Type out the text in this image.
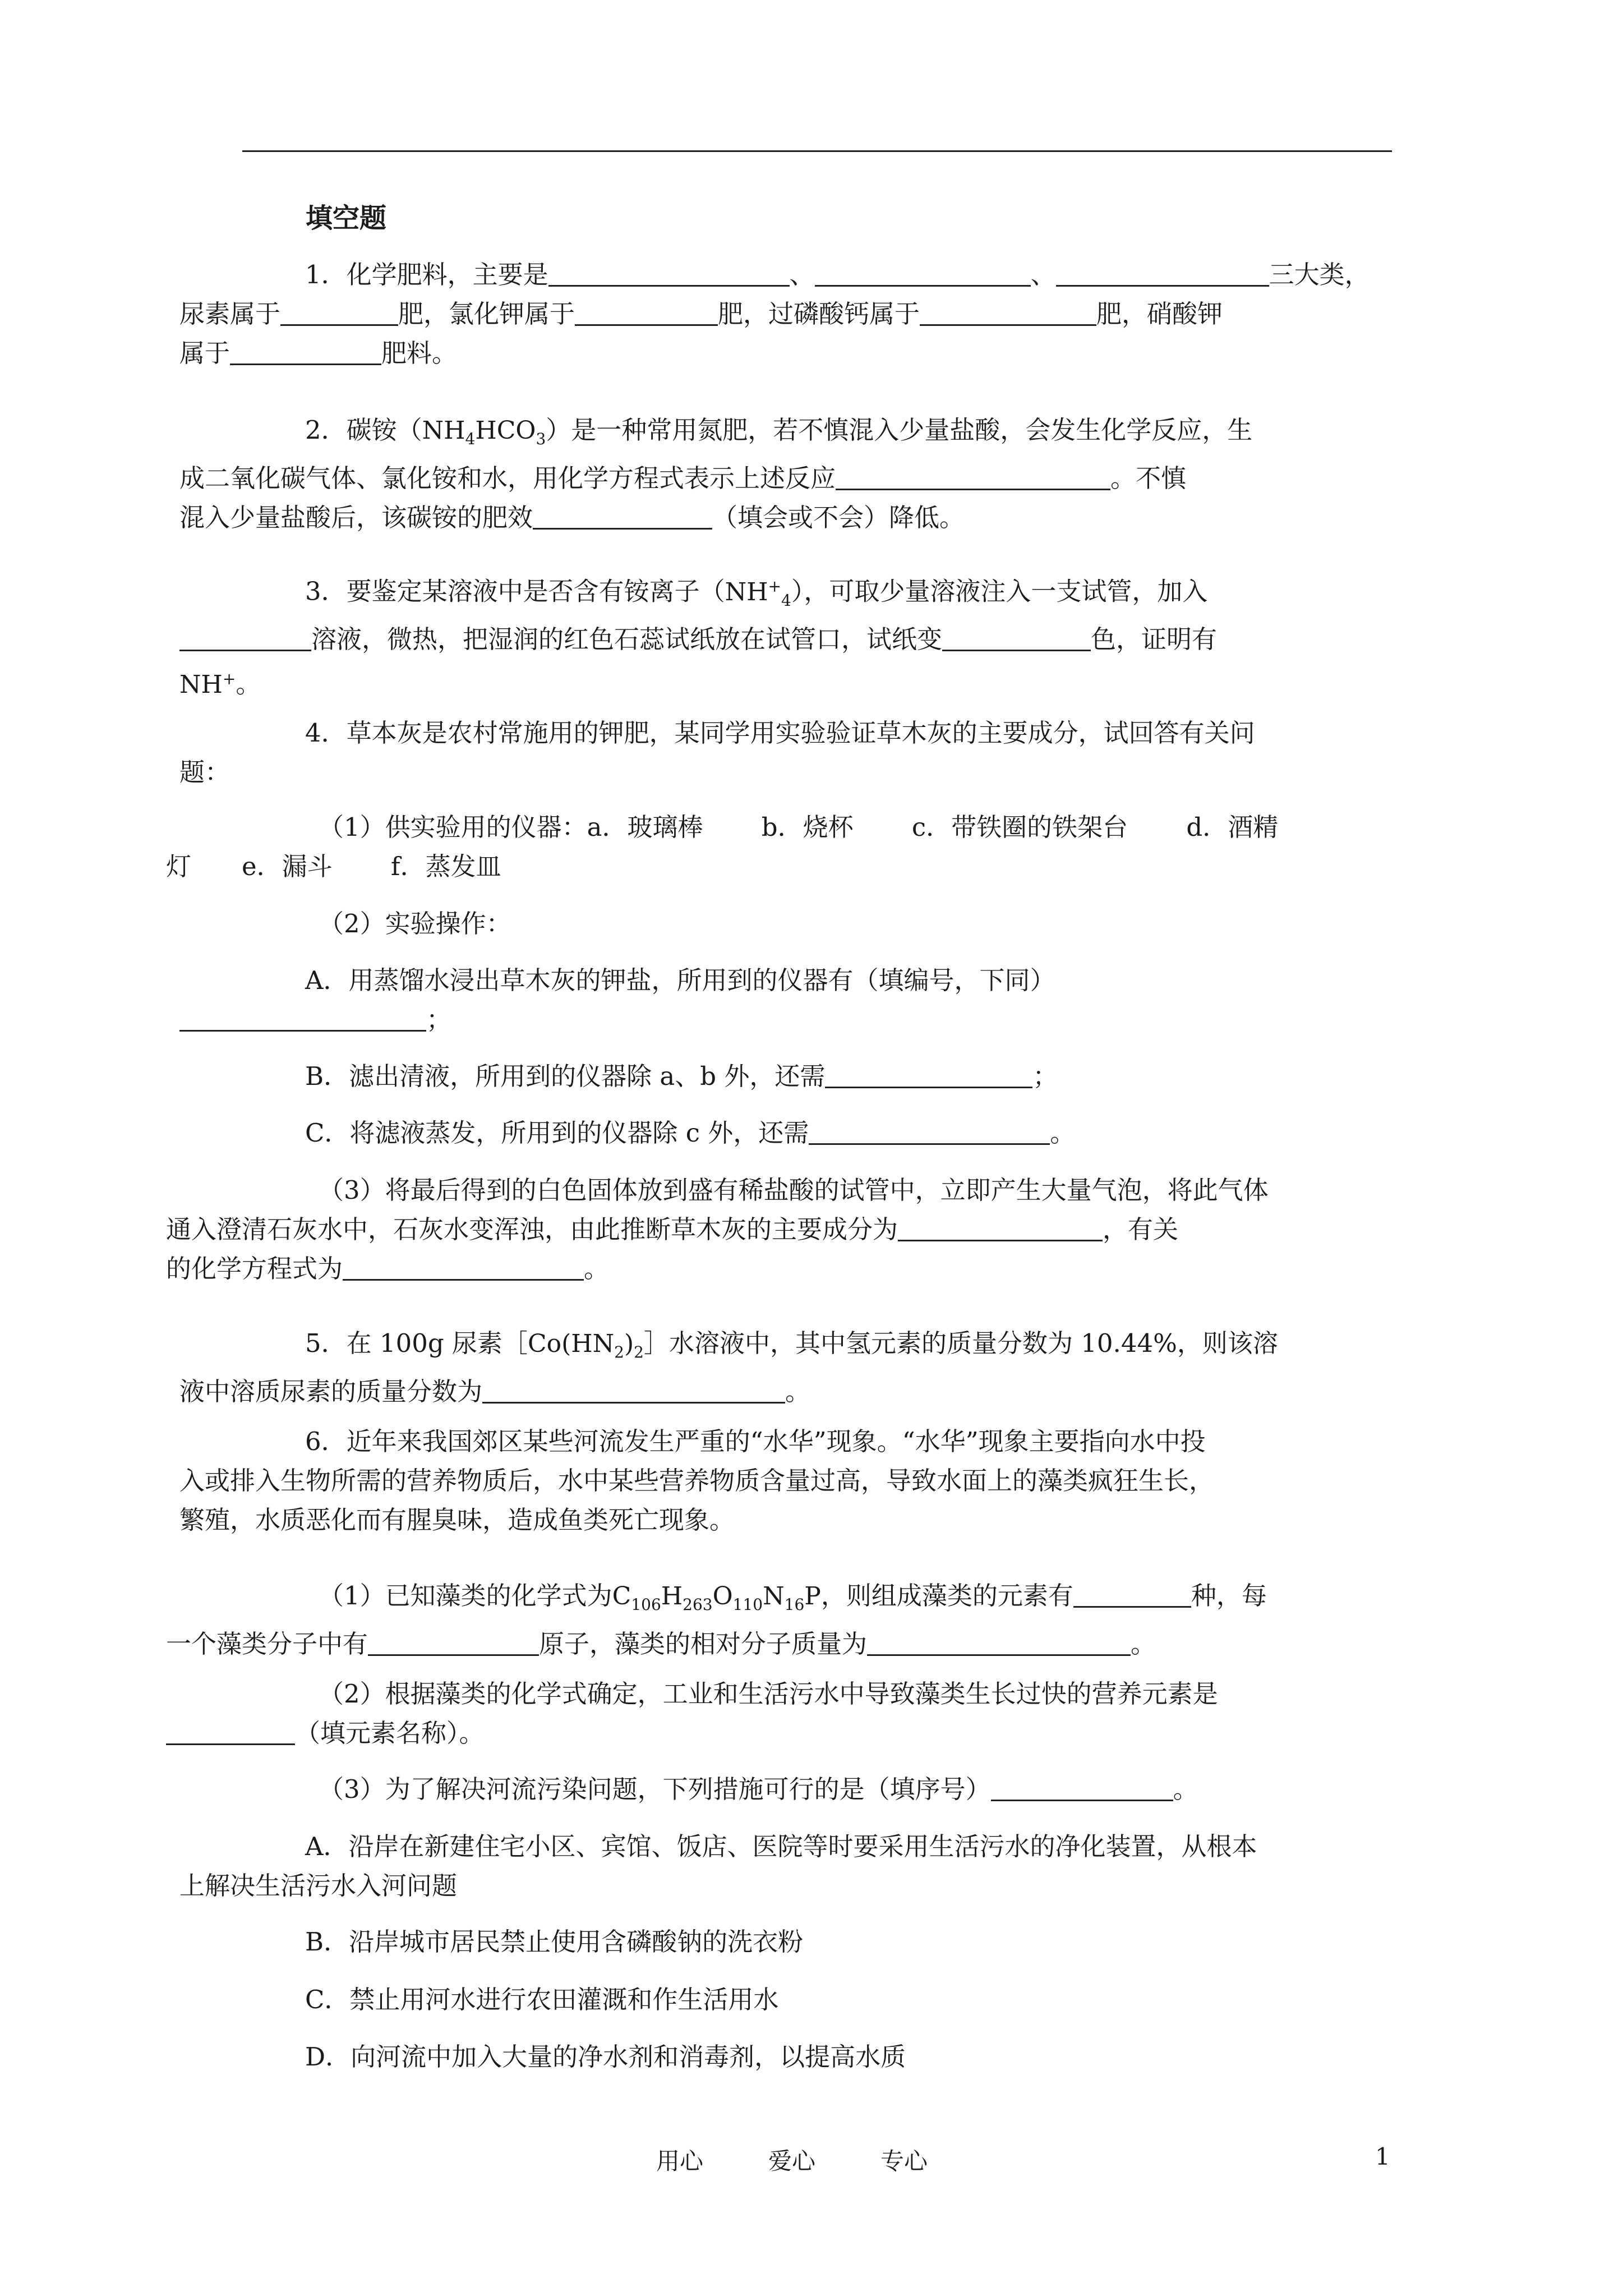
填空题
1．化学肥料，主要是	、	、	三大类，
尿素属于	肥，氯化钾属于	肥，过磷酸钙属于	肥，硝酸钾
属于	肥料。
2．碳铵$(NH_4HCO_3)$是一种常用氮肥，若不慎混入少量盐酸，会发生化学反应，生
成二氧化碳气体、氯化铵和水，用化学方程式表示上述反应	。不慎
混入少量盐酸后，该碳铵的肥效	（填会或不会）降低。
3．要鉴定某溶液中是否含有铵离子$(NH^+_4)$，可取少量溶液注入一支试管，加入
溶液，微热，把湿润的红色石蕊试纸放在试管口，试纸变	色，证明有
NH+。
4．草本灰是农村常施用的钾肥，某同学用实验验证草木灰的主要成分，试回答有关问
题：
（1）供实验用的仪器：a．玻璃棒　　 b．烧杯　　 c．带铁圈的铁架台　　 d．酒精
灯　　e．漏斗　　 f．蒸发皿
（2）实验操作：
A．用蒸馏水浸出草木灰的钾盐，所用到的仪器有（填编号，下同）
；
B．滤出清液，所用到的仪器除 a、b 外，还需	；
C．将滤液蒸发，所用到的仪器除 c 外，还需	。
（3）将最后得到的白色固体放到盛有稀盐酸的试管中，立即产生大量气泡，将此气体
通入澄清石灰水中，石灰水变浑浊，由此推断草木灰的主要成分为	，有关
的化学方程式为	。
5．在 100g 尿素$[Co(HN_2)_2]$水溶液中，其中氢元素的质量分数为 10.44%，则该溶
液中溶质尿素的质量分数为	。
6．近年来我国郊区某些河流发生严重的“水华”现象。“水华”现象主要指向水中投
入或排入生物所需的营养物质后，水中某些营养物质含量过高，导致水面上的藻类疯狂生长，
繁殖，水质恶化而有腥臭味，造成鱼类死亡现象。
（1）已知藻类的化学式为$C_{106}H_{263}O_{110}N_{16}P$，则组成藻类的元素有	种，每
一个藻类分子中有	原子，藻类的相对分子质量为	。
（2）根据藻类的化学式确定，工业和生活污水中导致藻类生长过快的营养元素是
（填元素名称）。
（3）为了解决河流污染问题，下列措施可行的是（填序号）	。
A．沿岸在新建住宅小区、宾馆、饭店、医院等时要采用生活污水的净化装置，从根本
上解决生活污水入河问题
B．沿岸城市居民禁止使用含磷酸钠的洗衣粉
C．禁止用河水进行农田灌溉和作生活用水
D．向河流中加入大量的净水剂和消毒剂，以提高水质
用心	爱心	专心	1
